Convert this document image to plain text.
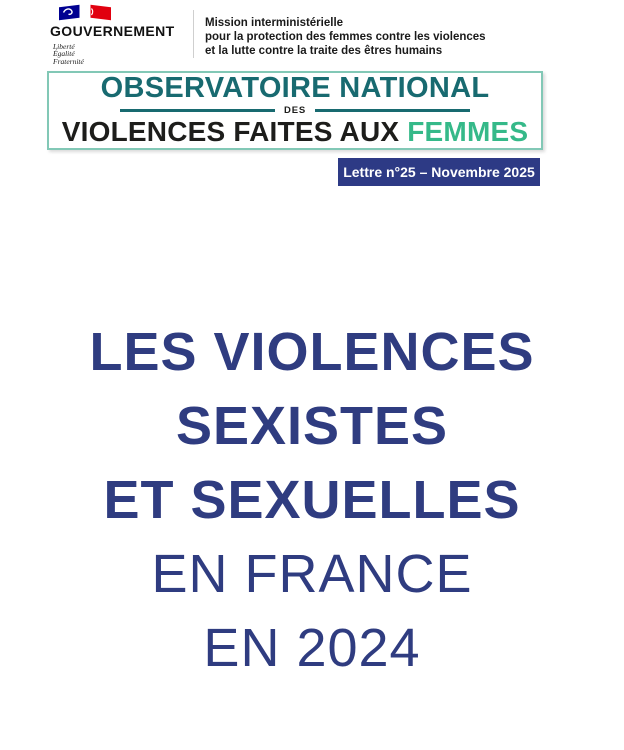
GOUVERNEMENT
Liberté
Égalité
Fraternité
Mission interministérielle
pour la protection des femmes contre les violences
et la lutte contre la traite des êtres humains
OBSERVATOIRE NATIONAL
DES
VIOLENCES FAITES AUX FEMMES
Lettre n°25 – Novembre 2025
LES VIOLENCES
SEXISTES
ET SEXUELLES
EN FRANCE
EN 2024
